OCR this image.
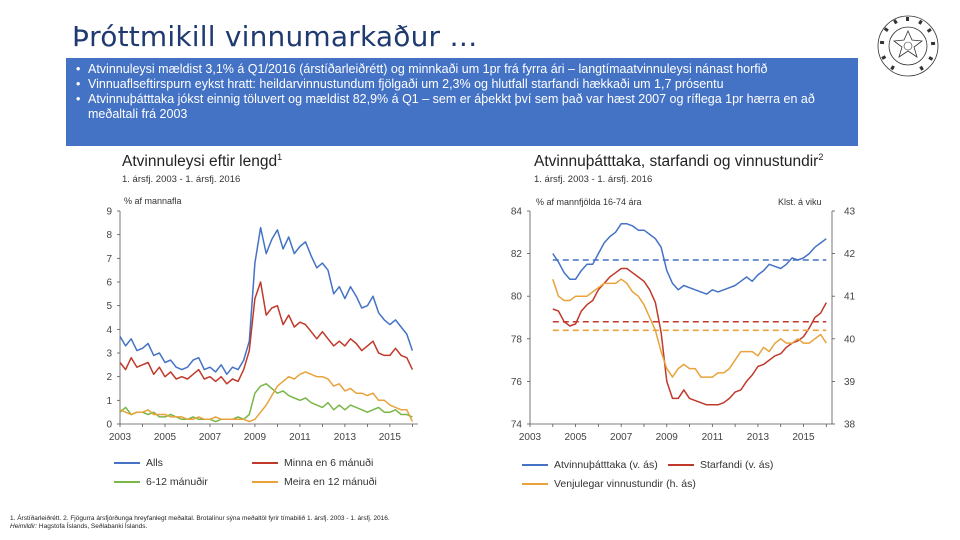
Þróttmikill vinnumarkaður …
• Atvinnuleysi mældist 3,1% á Q1/2016 (árstíðarleiðrétt) og minnkaði um 1pr frá fyrra ári – langtímaatvinnuleysi nánast horfið
• Vinnuaflseftirspurn eykst hratt: heildarvinnustundum fjölgaði um 2,3% og hlutfall starfandi hækkaði um 1,7 prósentu
• Atvinnuþátttaka jókst einnig töluvert og mældist 82,9% á Q1 – sem er áþekkt því sem það var hæst 2007 og ríflega 1pr hærra en að meðaltali frá 2003
Atvinnuleysi eftir lengd$^1$
1. ársfj. 2003 - 1. ársfj. 2016
% af mannafla
0
1
2
3
4
5
6
7
8
9
2003 2005 2007 2009 2011 2013 2015
74
76
78
80
82
84
38
39
40
41
42
43
2003 2005 2007 2009 2011 2013 2015
Alls	Minna en 6 mánuði
6-12 mánuðir	Meira en 12 mánuði
Atvinnuþátttaka, starfandi og vinnustundir$^2$
1. ársfj. 2003 - 1. ársfj. 2016
% af mannfjölda 16-74 ára	Klst. á viku
Atvinnuþátttaka (v. ás)	Starfandi (v. ás)
Venjulegar vinnustundir (h. ás)
1. Árstíðarleiðrétt. 2. Fjögurra ársfjórðunga hreyfanlegt meðaltal. Brotalínur sýna meðaltöl fyrir tímabilið 1. ársfj. 2003 - 1. ársfj. 2016.
Heimildir: Hagstofa Íslands, Seðlabanki Íslands.
